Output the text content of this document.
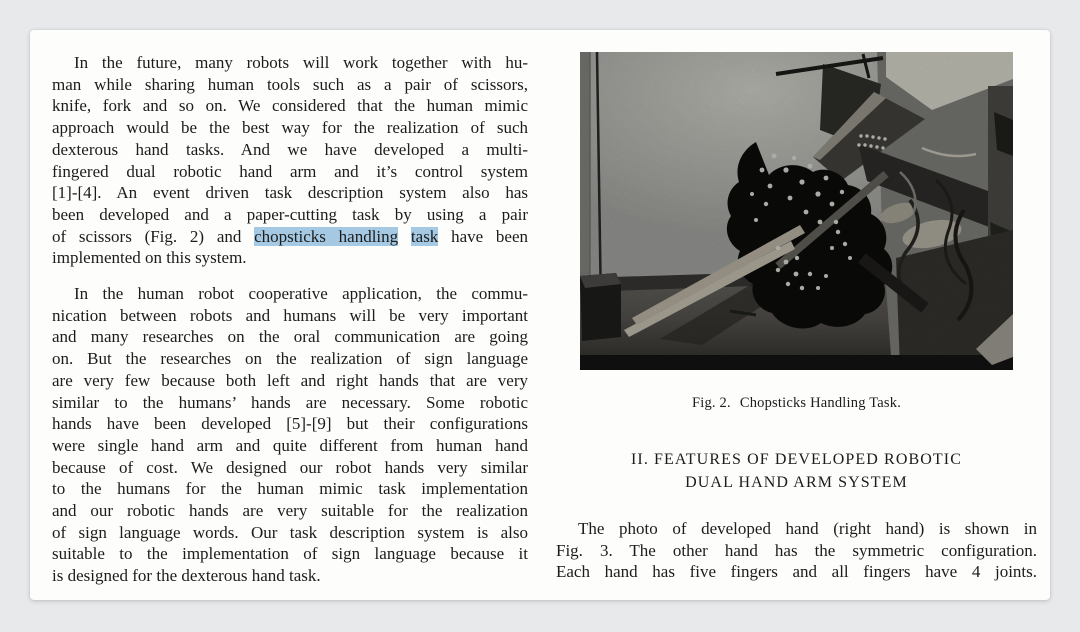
In the future, many robots will work together with hu-
man while sharing human tools such as a pair of scissors,
knife, fork and so on. We considered that the human mimic
approach would be the best way for the realization of such
dexterous hand tasks. And we have developed a multi-
fingered dual robotic hand arm and it’s control system
[1]-[4]. An event driven task description system also has
been developed and a paper-cutting task by using a pair
of scissors (Fig. 2) and chopsticks handling task have been
implemented on this system.
In the human robot cooperative application, the commu-
nication between robots and humans will be very important
and many researches on the oral communication are going
on. But the researches on the realization of sign language
are very few because both left and right hands that are very
similar to the humans’ hands are necessary. Some robotic
hands have been developed [5]-[9] but their configurations
were single hand arm and quite different from human hand
because of cost. We designed our robot hands very similar
to the humans for the human mimic task implementation
and our robotic hands are very suitable for the realization
of sign language words. Our task description system is also
suitable to the implementation of sign language because it
is designed for the dexterous hand task.
Fig. 2. Chopsticks Handling Task.
II. FEATURES OF DEVELOPED ROBOTIC
DUAL HAND ARM SYSTEM
The photo of developed hand (right hand) is shown in
Fig. 3. The other hand has the symmetric configuration.
Each hand has five fingers and all fingers have 4 joints.
